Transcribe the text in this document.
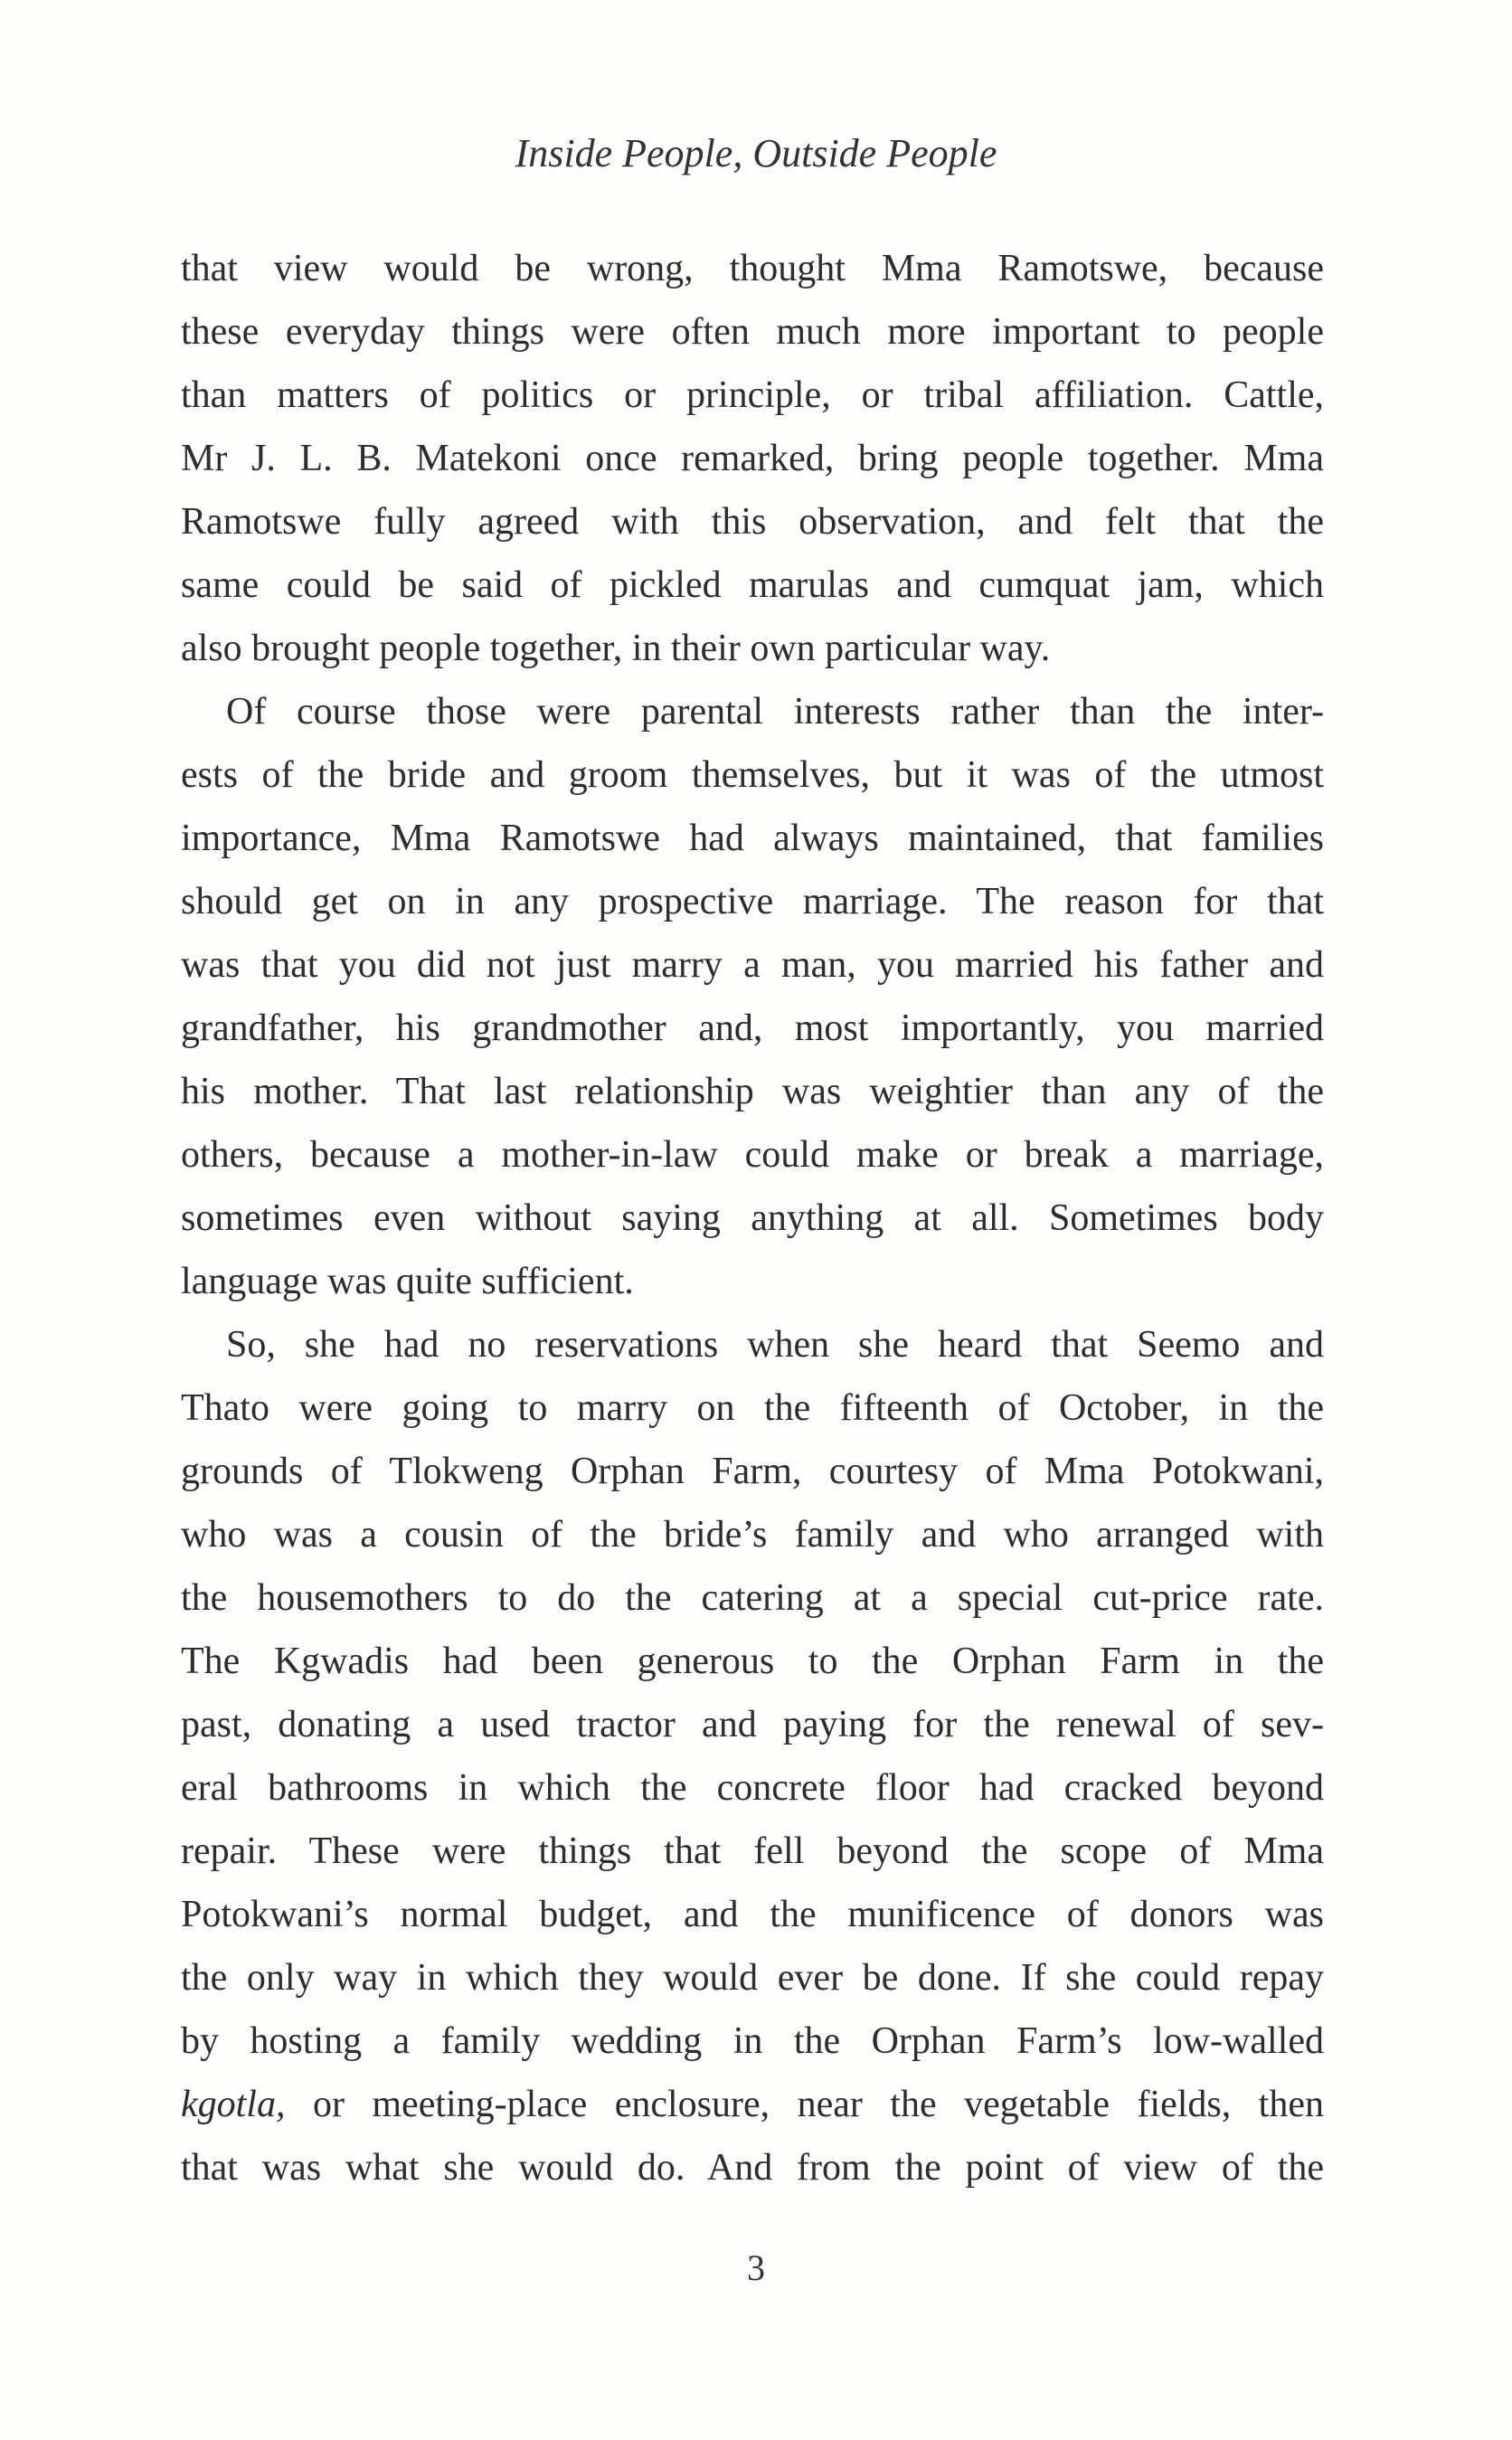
Inside People, Outside People
that view would be wrong, thought Mma Ramotswe, because
these everyday things were often much more important to people
than matters of politics or principle, or tribal affiliation. Cattle,
Mr J. L. B. Matekoni once remarked, bring people together. Mma
Ramotswe fully agreed with this observation, and felt that the
same could be said of pickled marulas and cumquat jam, which
also brought people together, in their own particular way.
Of course those were parental interests rather than the inter-
ests of the bride and groom themselves, but it was of the utmost
importance, Mma Ramotswe had always maintained, that families
should get on in any prospective marriage. The reason for that
was that you did not just marry a man, you married his father and
grandfather, his grandmother and, most importantly, you married
his mother. That last relationship was weightier than any of the
others, because a mother-in-law could make or break a marriage,
sometimes even without saying anything at all. Sometimes body
language was quite sufficient.
So, she had no reservations when she heard that Seemo and
Thato were going to marry on the fifteenth of October, in the
grounds of Tlokweng Orphan Farm, courtesy of Mma Potokwani,
who was a cousin of the bride’s family and who arranged with
the housemothers to do the catering at a special cut-price rate.
The Kgwadis had been generous to the Orphan Farm in the
past, donating a used tractor and paying for the renewal of sev-
eral bathrooms in which the concrete floor had cracked beyond
repair. These were things that fell beyond the scope of Mma
Potokwani’s normal budget, and the munificence of donors was
the only way in which they would ever be done. If she could repay
by hosting a family wedding in the Orphan Farm’s low-walled
kgotla, or meeting-place enclosure, near the vegetable fields, then
that was what she would do. And from the point of view of the
3
